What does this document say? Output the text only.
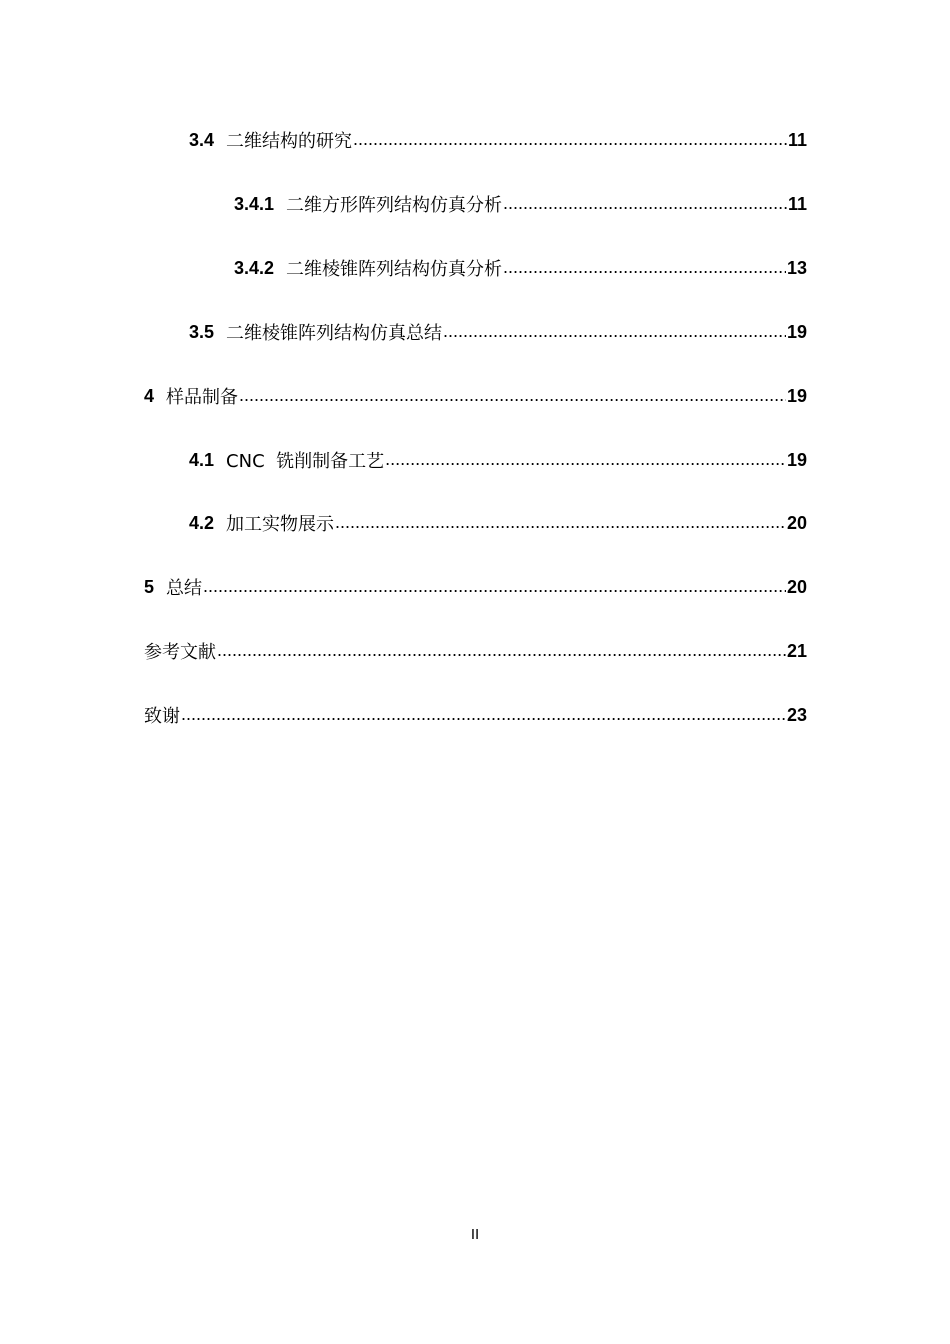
3.4 二维结构的研究 .....	11
3.4.1 二维方形阵列结构仿真分析 .....	11
3.4.2 二维棱锥阵列结构仿真分析 .....	13
3.5 二维棱锥阵列结构仿真总结 .....	19
4 样品制备 .....	19
4.1 CNC  铣削制备工艺 .....	19
4.2 加工实物展示 .....	20
5 总结 .....	20
参考文献 .....	21
致谢 .....	23
II
